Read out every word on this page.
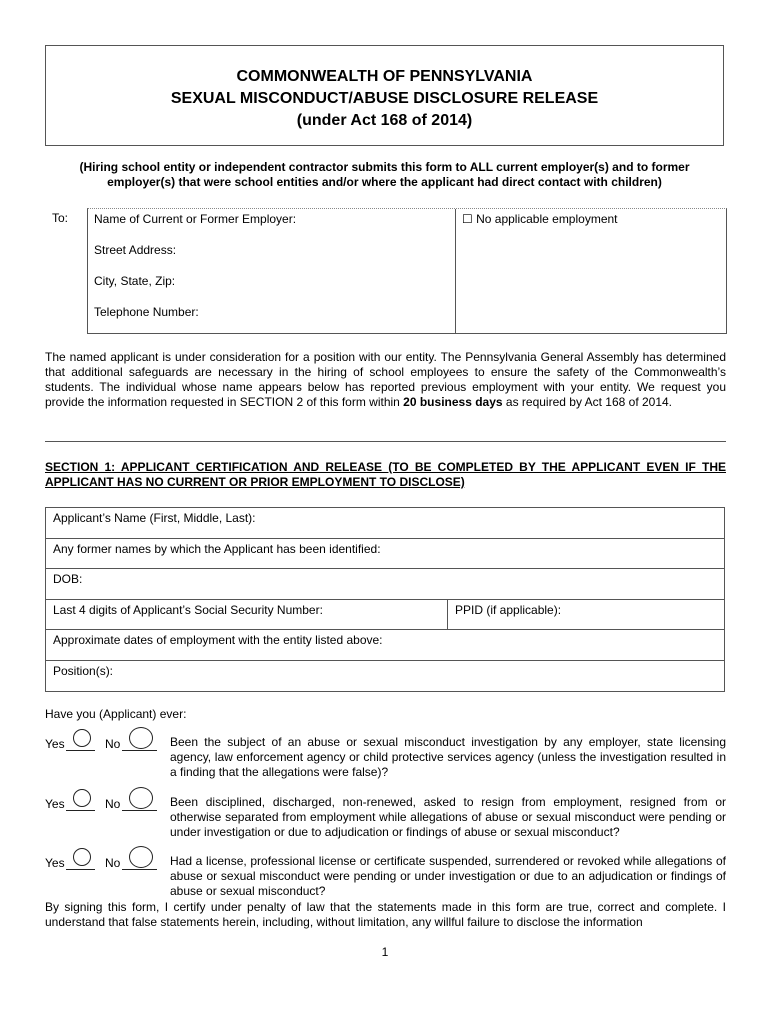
COMMONWEALTH OF PENNSYLVANIA
SEXUAL MISCONDUCT/ABUSE DISCLOSURE RELEASE
(under Act 168 of 2014)
(Hiring school entity or independent contractor submits this form to ALL current employer(s) and to former
employer(s) that were school entities and/or where the applicant had direct contact with children)
To:	Name of Current or Former Employer:
Street Address:
City, State, Zip:
Telephone Number:
☐ No applicable employment
The named applicant is under consideration for a position with our entity. The Pennsylvania General Assembly has determined that additional safeguards are necessary in the hiring of school employees to ensure the safety of the Commonwealth’s students. The individual whose name appears below has reported previous employment with your entity. We request you provide the information requested in SECTION 2 of this form within 20 business days as required by Act 168 of 2014.
SECTION 1: APPLICANT CERTIFICATION AND RELEASE (TO BE COMPLETED BY THE APPLICANT EVEN IF THE APPLICANT HAS NO CURRENT OR PRIOR EMPLOYMENT TO DISCLOSE)
Applicant’s Name (First, Middle, Last):
Any former names by which the Applicant has been identified:
DOB:
Last 4 digits of Applicant’s Social Security Number:	PPID (if applicable):
Approximate dates of employment with the entity listed above:
Position(s):
Have you (Applicant) ever:
Yes	No	Been the subject of an abuse or sexual misconduct investigation by any employer, state licensing agency, law enforcement agency or child protective services agency (unless the investigation resulted in a finding that the allegations were false)?
Yes	No	Been disciplined, discharged, non-renewed, asked to resign from employment, resigned from or otherwise separated from employment while allegations of abuse or sexual misconduct were pending or under investigation or due to adjudication or findings of abuse or sexual misconduct?
Yes	No	Had a license, professional license or certificate suspended, surrendered or revoked while allegations of abuse or sexual misconduct were pending or under investigation or due to an adjudication or findings of abuse or sexual misconduct?
By signing this form, I certify under penalty of law that the statements made in this form are true, correct and complete. I understand that false statements herein, including, without limitation, any willful failure to disclose the information
1
